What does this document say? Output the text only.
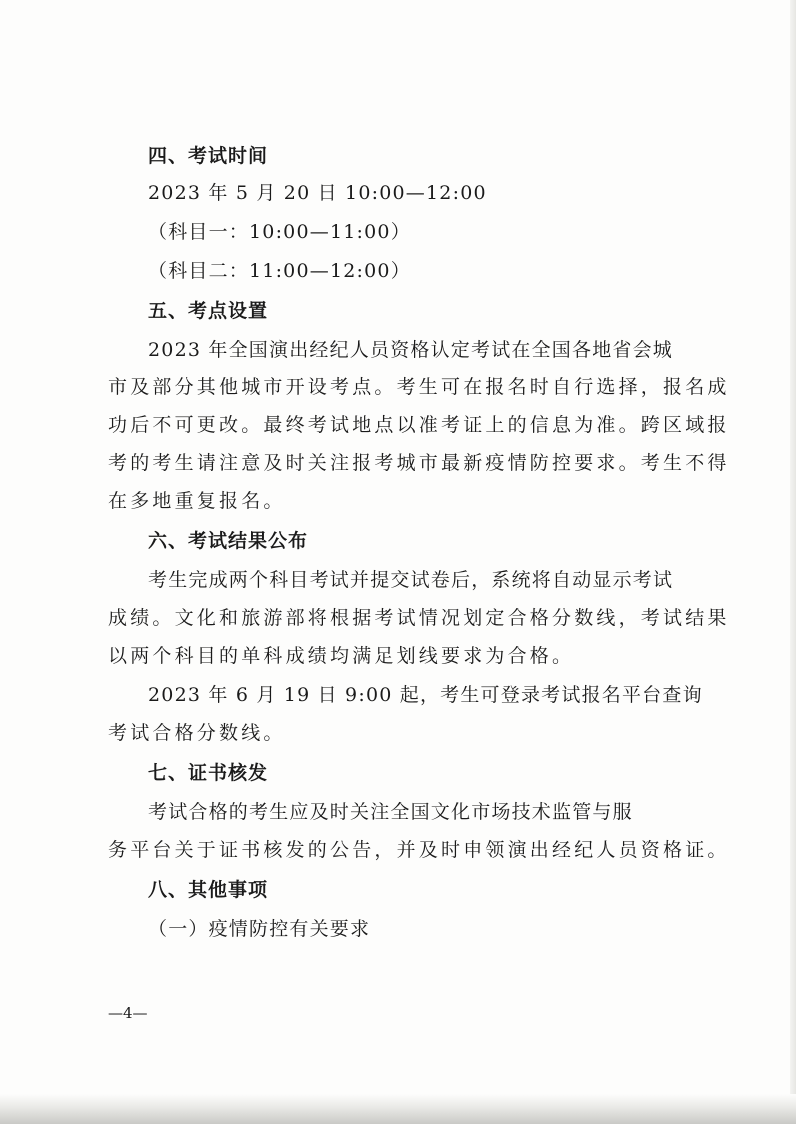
四、考试时间
2023 年 5 月 20 日 10:00—12:00
（科目一：10:00—11:00）
（科目二：11:00—12:00）
五、考点设置
2023 年全国演出经纪人员资格认定考试在全国各地省会城
市及部分其他城市开设考点。考生可在报名时自行选择，报名成
功后不可更改。最终考试地点以准考证上的信息为准。跨区域报
考的考生请注意及时关注报考城市最新疫情防控要求。考生不得
在多地重复报名。
六、考试结果公布
考生完成两个科目考试并提交试卷后，系统将自动显示考试
成绩。文化和旅游部将根据考试情况划定合格分数线，考试结果
以两个科目的单科成绩均满足划线要求为合格。
2023 年 6 月 19 日 9:00 起，考生可登录考试报名平台查询
考试合格分数线。
七、证书核发
考试合格的考生应及时关注全国文化市场技术监管与服
务平台关于证书核发的公告，并及时申领演出经纪人员资格证。
八、其他事项
（一）疫情防控有关要求
—4—
